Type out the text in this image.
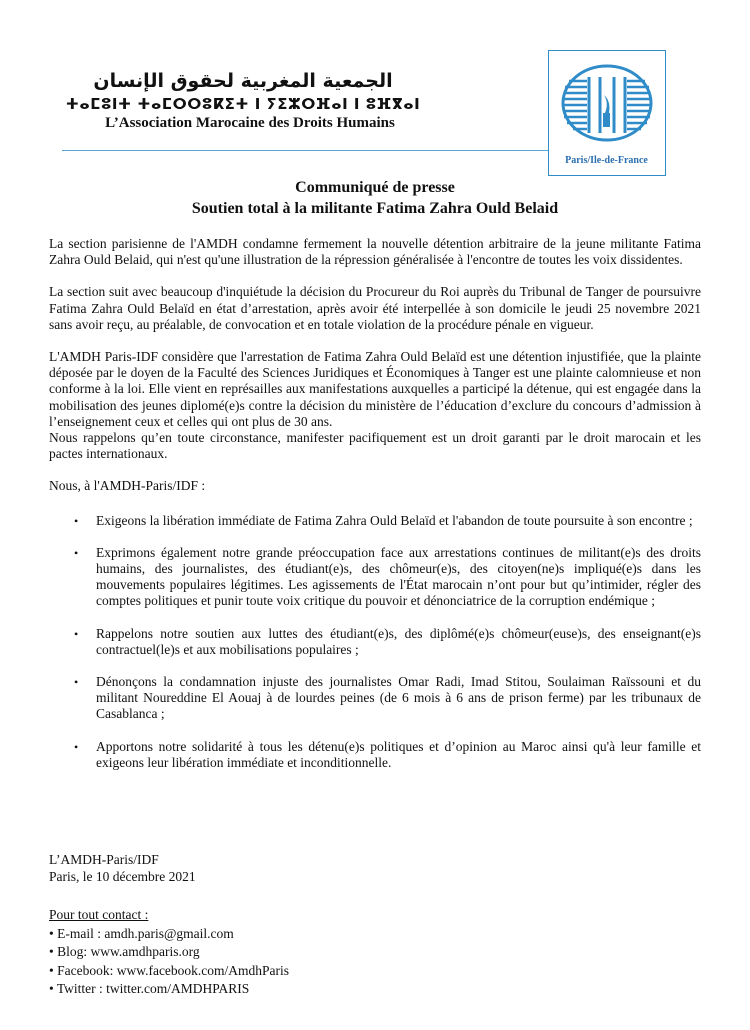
الجمعية المغربية لحقوق الإنسان
ⵜⴰⵎⵓⵏⵜ ⵜⴰⵎⵔⵔⵓⴽⵉⵜ ⵏ ⵢⵉⵣⵔⴼⴰⵏ ⵏ ⵓⴼⴳⴰⵏ
L’Association Marocaine des Droits Humains
Paris/Ile-de-France
Communiqué de presse
Soutien total à la militante Fatima Zahra Ould Belaid

La section parisienne de l'AMDH condamne fermement la nouvelle détention arbitraire de la jeune militante Fatima Zahra Ould Belaid, qui n'est qu'une illustration de la répression généralisée à l'encontre de toutes les voix dissidentes.

La section suit avec beaucoup d'inquiétude la décision du Procureur du Roi auprès du Tribunal de Tanger de poursuivre Fatima Zahra Ould Belaïd en état d’arrestation, après avoir été interpellée à son domicile le jeudi 25 novembre 2021 sans avoir reçu, au préalable, de convocation et en totale violation de la procédure pénale en vigueur.

L'AMDH Paris-IDF considère que l'arrestation de Fatima Zahra Ould Belaïd est une détention injustifiée, que la plainte déposée par le doyen de la Faculté des Sciences Juridiques et Économiques à Tanger est une plainte calomnieuse et non conforme à la loi. Elle vient en représailles aux manifestations auxquelles a participé la détenue, qui est engagée dans la mobilisation des jeunes diplomé(e)s contre la décision du ministère de l’éducation d’exclure du concours d’admission à l’enseignement ceux et celles qui ont plus de 30 ans.

Nous rappelons qu’en toute circonstance, manifester pacifiquement est un droit garanti par le droit marocain et les pactes internationaux.

Nous, à l'AMDH-Paris/IDF :

• Exigeons la libération immédiate de Fatima Zahra Ould Belaïd et l'abandon de toute poursuite à son encontre ;
• Exprimons également notre grande préoccupation face aux arrestations continues de militant(e)s des droits humains, des journalistes, des étudiant(e)s, des chômeur(e)s, des citoyen(ne)s impliqué(e)s dans les mouvements populaires légitimes. Les agissements de l'État marocain n’ont pour but qu’intimider, régler des comptes politiques et punir toute voix critique du pouvoir et dénonciatrice de la corruption endémique ;
• Rappelons notre soutien aux luttes des étudiant(e)s, des diplômé(e)s chômeur(euse)s, des enseignant(e)s contractuel(le)s et aux mobilisations populaires ;
• Dénonçons la condamnation injuste des journalistes Omar Radi, Imad Stitou, Soulaiman Raïssouni et du militant Noureddine El Aouaj à de lourdes peines (de 6 mois à 6 ans de prison ferme) par les tribunaux de Casablanca ;
• Apportons notre solidarité à tous les détenu(e)s politiques et d’opinion au Maroc ainsi qu'à leur famille et exigeons leur libération immédiate et inconditionnelle.
L’AMDH-Paris/IDF
Paris, le 10 décembre 2021
Pour tout contact :
• E-mail : amdh.paris@gmail.com
• Blog: www.amdhparis.org
• Facebook: www.facebook.com/AmdhParis
• Twitter : twitter.com/AMDHPARIS
